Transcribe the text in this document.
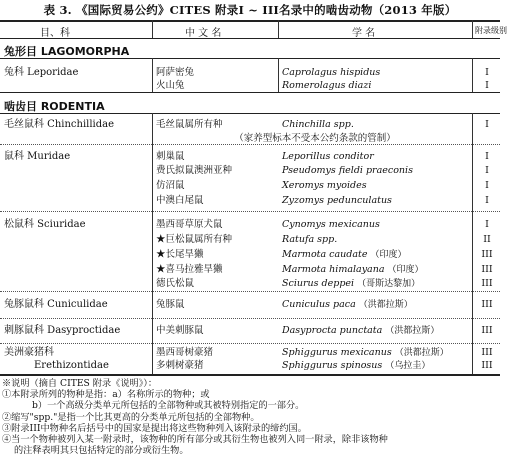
表 3. 《国际贸易公约》CITES 附录I ~ III名录中的啮齿动物（2013 年版）
目、科	中 文 名	学 名	附录级别
兔形目 LAGOMORPHA
兔科 Leporidae	阿萨密兔	Caprolagus hispidus	I
火山兔	Romerolagus diazi	I
啮齿目 RODENTIA
毛丝鼠科 Chinchillidae	毛丝鼠属所有种	Chinchilla spp.	I
（家养型标本不受本公约条款的管制）
鼠科 Muridae	刺巢鼠	Leporillus conditor	I
费氏拟鼠澳洲亚种	Pseudomys fieldi praeconis	I
仿沼鼠	Xeromys myoides	I
中澳白尾鼠	Zyzomys pedunculatus	I
松鼠科 Sciuridae	墨西哥草原犬鼠	Cynomys mexicanus	I
★巨松鼠属所有种	Ratufa spp.	II
★长尾旱獭	Marmota caudate （印度）	III
★喜马拉雅旱獭	Marmota himalayana （印度）	III
德氏松鼠	Sciurus deppei （哥斯达黎加）	III
兔豚鼠科 Cuniculidae	兔豚鼠	Cuniculus paca （洪都拉斯）	III
刺豚鼠科 Dasyproctidae	中美刺豚鼠	Dasyprocta punctata （洪都拉斯）	III
美洲豪猪科
Erethizontidae
墨西哥树豪猪	Sphiggurus mexicanus （洪都拉斯）	III
多刺树豪猪	Sphiggurus spinosus （乌拉圭）	III
※说明（摘自 CITES 附录《说明》）：
①本附录所列的物种是指：a）名称所示的物种；或
b）一个高级分类单元所包括的全部物种或其被特别指定的一部分。
②缩写"spp."是指一个比其更高的分类单元所包括的全部物种。
③附录III中物种名后括号中的国家是提出将这些物种列入该附录的缔约国。
④当一个物种被列入某一附录时，该物种的所有部分或其衍生物也被列入同一附录，除非该物种
的注释表明其只包括特定的部分或衍生物。
